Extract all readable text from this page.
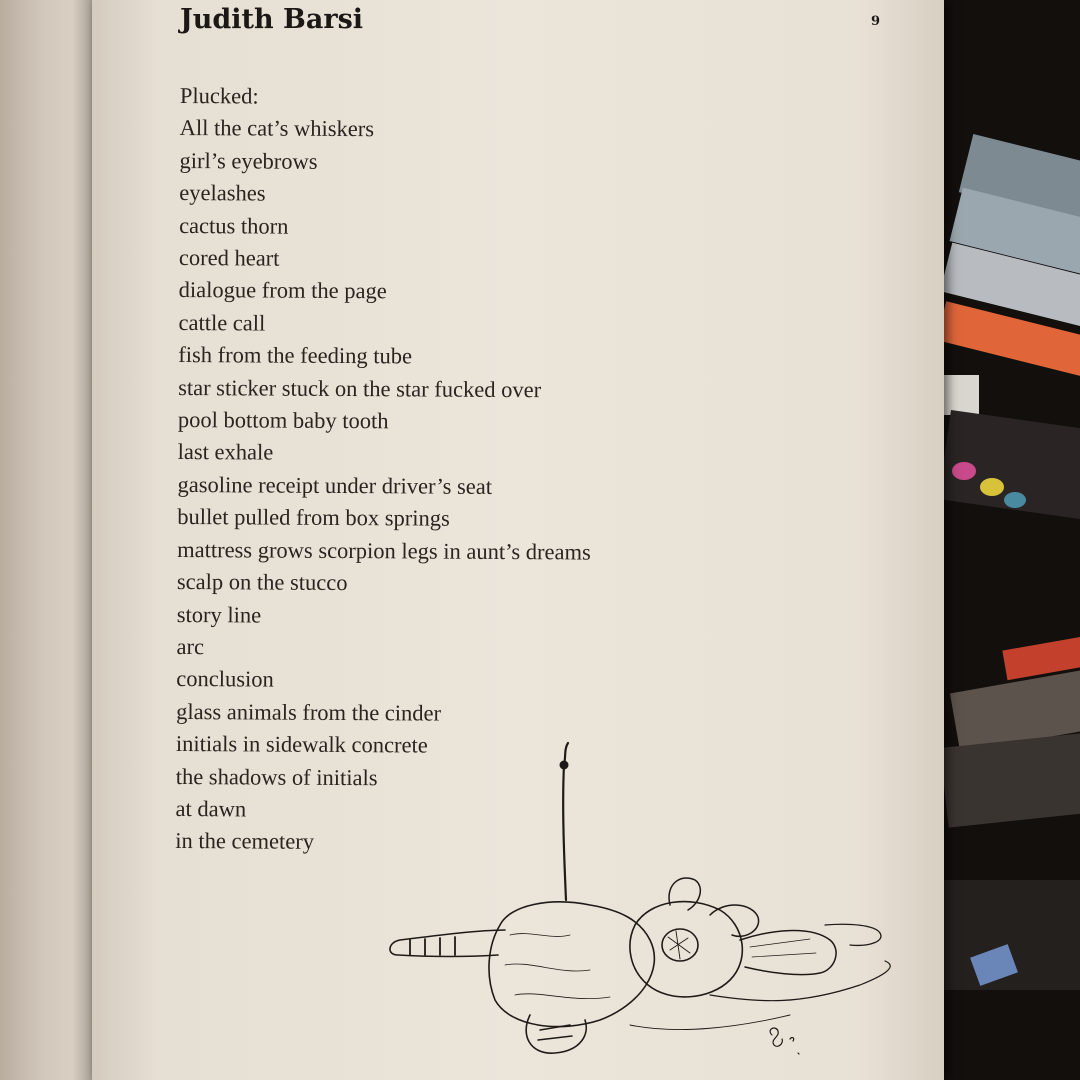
Judith Barsi	9
Plucked:
All the cat’s whiskers
girl’s eyebrows
eyelashes
cactus thorn
cored heart
dialogue from the page
cattle call
fish from the feeding tube
star sticker stuck on the star fucked over
pool bottom baby tooth
last exhale
gasoline receipt under driver’s seat
bullet pulled from box springs
mattress grows scorpion legs in aunt’s dreams
scalp on the stucco
story line
arc
conclusion
glass animals from the cinder
initials in sidewalk concrete
the shadows of initials
at dawn
in the cemetery
